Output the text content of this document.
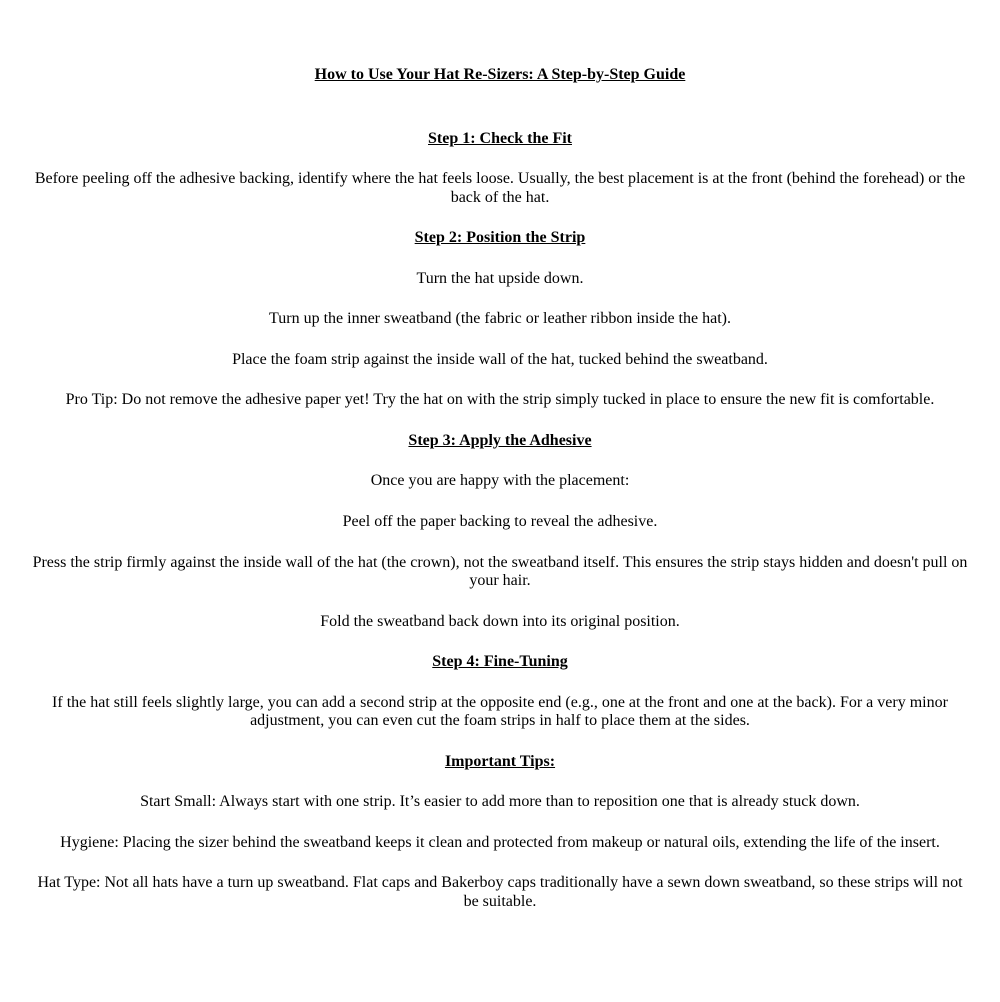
How to Use Your Hat Re-Sizers: A Step-by-Step Guide
Step 1: Check the Fit

Before peeling off the adhesive backing, identify where the hat feels loose. Usually, the best placement is at the front (behind the forehead) or the back of the hat.

Step 2: Position the Strip

Turn the hat upside down.

Turn up the inner sweatband (the fabric or leather ribbon inside the hat).

Place the foam strip against the inside wall of the hat, tucked behind the sweatband.

Pro Tip: Do not remove the adhesive paper yet! Try the hat on with the strip simply tucked in place to ensure the new fit is comfortable.

Step 3: Apply the Adhesive

Once you are happy with the placement:

Peel off the paper backing to reveal the adhesive.

Press the strip firmly against the inside wall of the hat (the crown), not the sweatband itself. This ensures the strip stays hidden and doesn't pull on your hair.

Fold the sweatband back down into its original position.

Step 4: Fine-Tuning

If the hat still feels slightly large, you can add a second strip at the opposite end (e.g., one at the front and one at the back). For a very minor adjustment, you can even cut the foam strips in half to place them at the sides.

Important Tips:

Start Small: Always start with one strip. It’s easier to add more than to reposition one that is already stuck down.

Hygiene: Placing the sizer behind the sweatband keeps it clean and protected from makeup or natural oils, extending the life of the insert.

Hat Type: Not all hats have a turn up sweatband. Flat caps and Bakerboy caps traditionally have a sewn down sweatband, so these strips will not be suitable.
